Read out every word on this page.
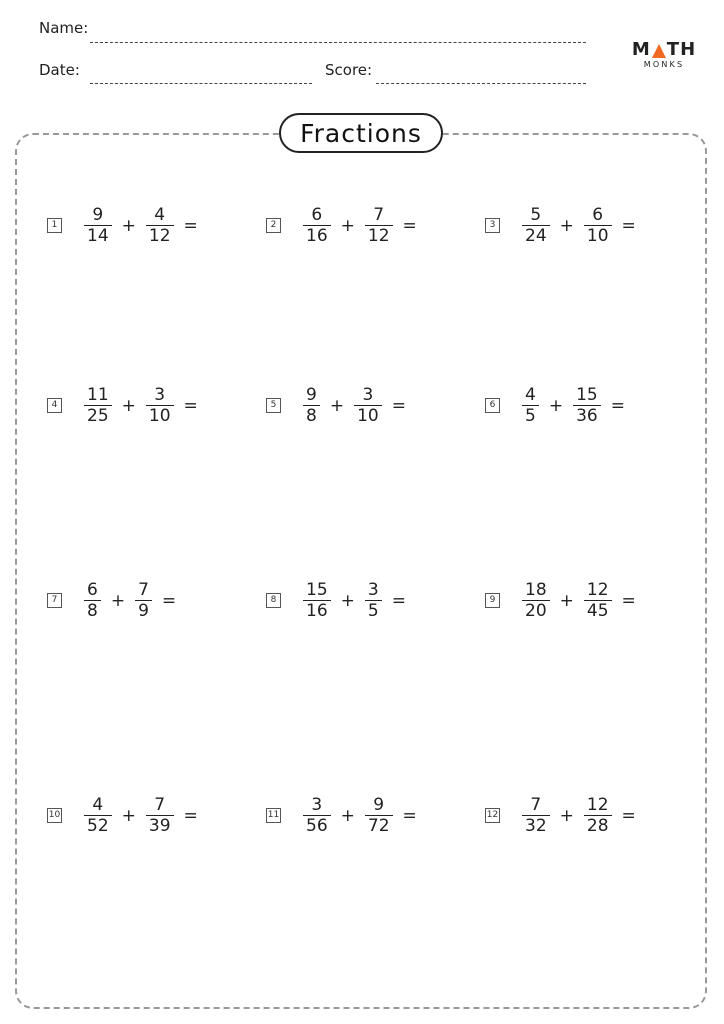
Name:
Date:	Score:
M TH
MONKS
Fractions
$1 \frac{9}{14} + \frac{4}{12}$ =	$2 \frac{6}{16} + \frac{7}{12}$ =	$3 \frac{5}{24} + \frac{6}{10}$ =
$4 \frac{11}{25} + \frac{3}{10}$ =	$5 \frac{9}{8} + \frac{3}{10}$ =	$6 \frac{4}{5} + \frac{15}{36}$ =
$7 \frac{6}{8} + \frac{7}{9}$ =	$8 \frac{15}{16} + \frac{3}{5}$ =	$9 \frac{18}{20} + \frac{12}{45}$ =
$10 \frac{4}{52} + \frac{7}{39}$ =	$11 \frac{3}{56} + \frac{9}{72}$ =	$12 \frac{7}{32} + \frac{12}{28}$ =
